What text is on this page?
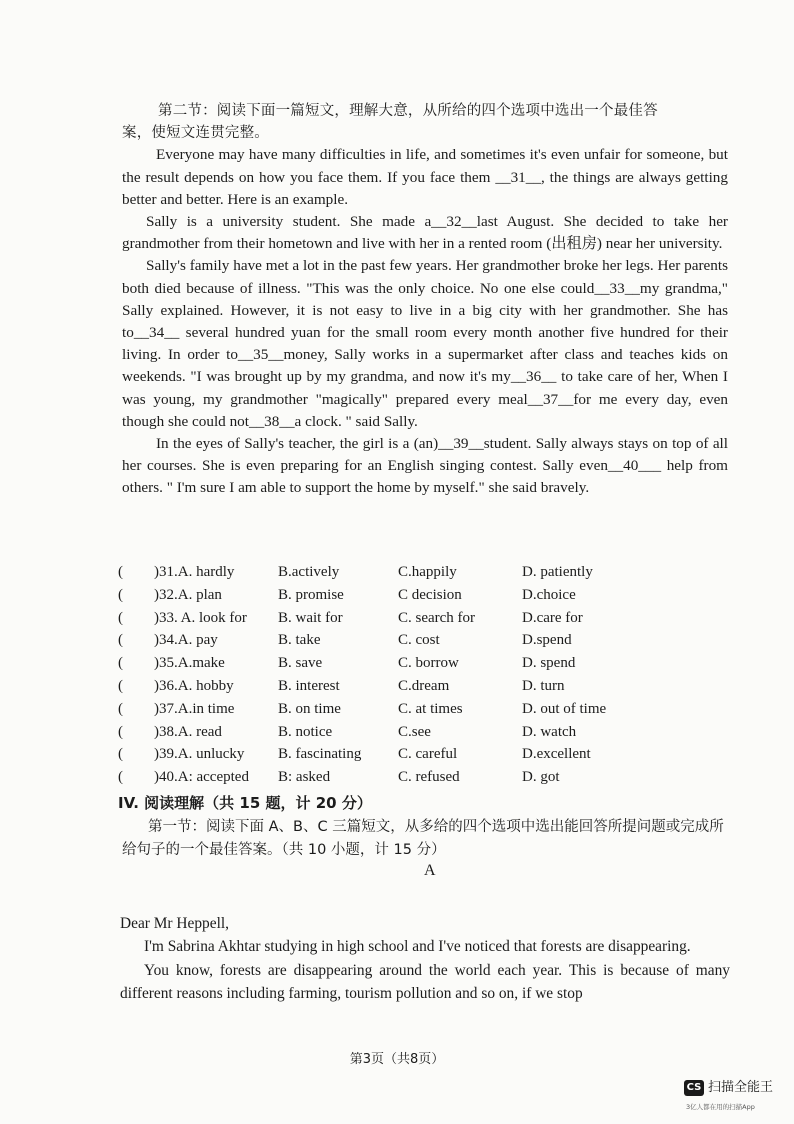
第二节：阅读下面一篇短文，理解大意，从所给的四个选项中选出一个最佳答

案，使短文连贯完整。

Everyone may have many difficulties in life, and sometimes it's even unfair for someone, but the result depends on how you face them. If you face them __31__, the things are always getting better and better. Here is an example.

Sally is a university student. She made a__32__last August. She decided to take her grandmother from their hometown and live with her in a rented room (出租房) near her university.

Sally's family have met a lot in the past few years. Her grandmother broke her legs. Her parents both died because of illness. "This was the only choice. No one else could__33__my grandma," Sally explained. However, it is not easy to live in a big city with her grandmother. She has to__34__ several hundred yuan for the small room every month another five hundred for their living. In order to__35__money, Sally works in a supermarket after class and teaches kids on weekends. "I was brought up by my grandma, and now it's my__36__ to take care of her, When I was young, my grandmother "magically" prepared every meal__37__for me every day, even though she could not__38__a clock. " said Sally.

In the eyes of Sally's teacher, the girl is a (an)__39__student. Sally always stays on top of all her courses. She is even preparing for an English singing contest. Sally even__40___ help from others. " I'm sure I am able to support the home by myself." she said bravely.

(	)31.A. hardly	B.actively	C.happily	D. patiently
(	)32.A. plan	B. promise	C decision	D.choice
(	)33. A. look for B. wait for	C. search for	D.care for
(	)34.A. pay	B. take	C. cost	D.spend
(	)35.A.make	B. save	C. borrow	D. spend
(	)36.A. hobby	B. interest	C.dream	D. turn
(	)37.A.in time	B. on time	C. at times	D. out of time
(	)38.A. read	B. notice	C.see	D. watch
(	)39.A. unlucky B. fascinating C. careful	D.excellent
(	)40.A: accepted B: asked	C. refused	D. got
IV. 阅读理解（共 15 题，计 20 分）
第一节：阅读下面 A、B、C 三篇短文，从多给的四个选项中选出能回答所提问题或完成所给句子的一个最佳答案。（共 10 小题，计 15 分）
A

Dear Mr Heppell,

I'm Sabrina Akhtar studying in high school and I've noticed that forests are disappearing.

You know, forests are disappearing around the world each year. This is because of many different reasons including farming, tourism pollution and so on, if we stop

第3页（共8页）
CS 扫描全能王
3亿人都在用的扫描App
